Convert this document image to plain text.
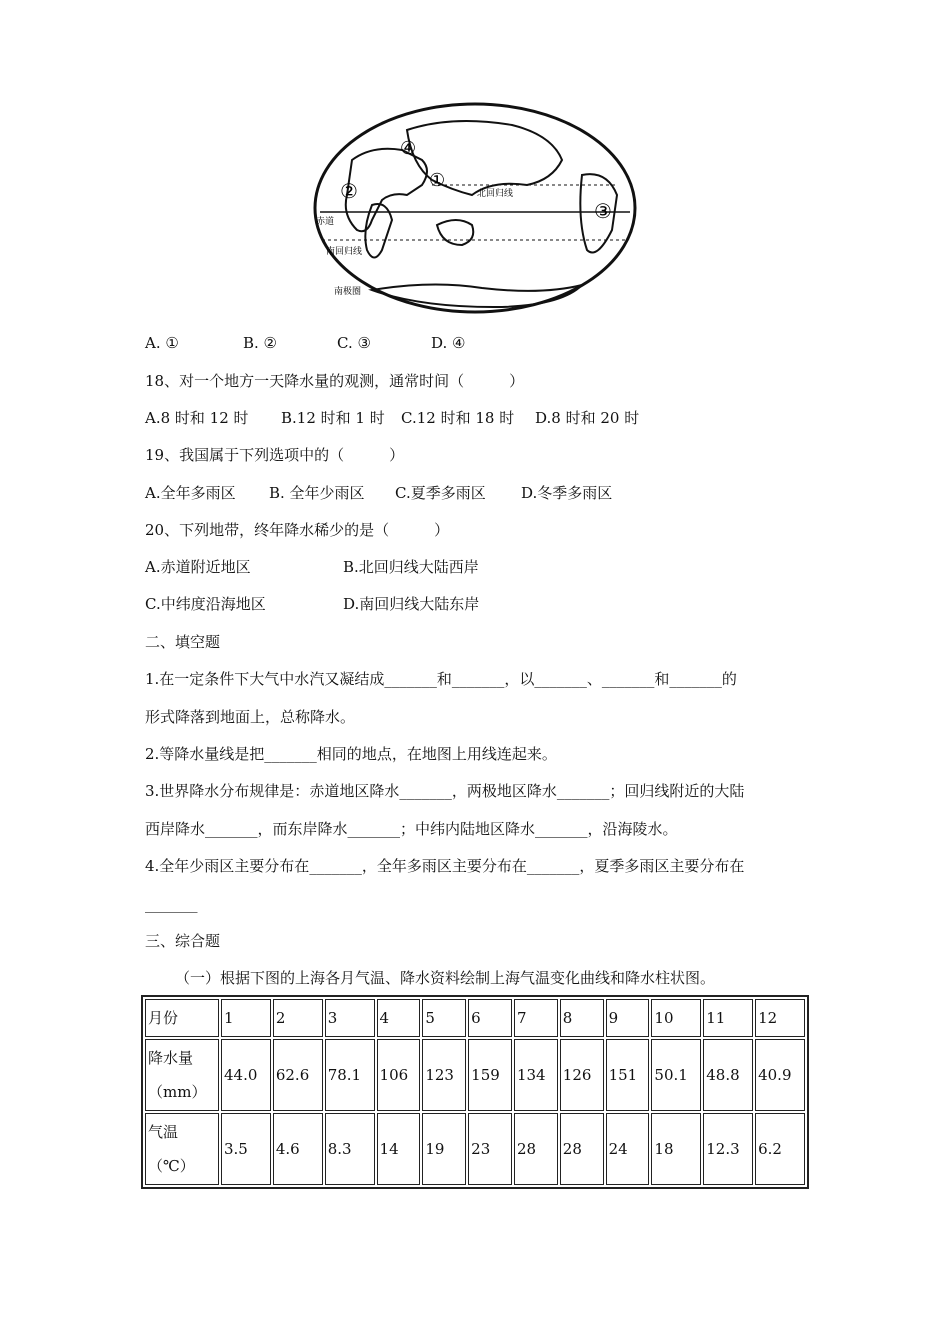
北回归线
赤道
南回归线
南极圈
①
②
③
④
A. ①	B. ②	C. ③	D. ④
18、对一个地方一天降水量的观测，通常时间（　　　）
A.8 时和 12 时 B.12 时和 1 时 C.12 时和 18 时 D.8 时和 20 时
19、我国属于下列选项中的（　　　）
A.全年多雨区 B. 全年少雨区 C.夏季多雨区 D.冬季多雨区
20、下列地带，终年降水稀少的是（　　　）
A.赤道附近地区	B.北回归线大陆西岸
C.中纬度沿海地区	D.南回归线大陆东岸
二、填空题
1.在一定条件下大气中水汽又凝结成_______和_______，以_______、_______和_______的
形式降落到地面上，总称降水。
2.等降水量线是把_______相同的地点，在地图上用线连起来。
3.世界降水分布规律是：赤道地区降水_______，两极地区降水_______；回归线附近的大陆
西岸降水_______，而东岸降水_______；中纬内陆地区降水_______，沿海陵水。
4.全年少雨区主要分布在_______，全年多雨区主要分布在_______，夏季多雨区主要分布在
_______
三、综合题
（一）根据下图的上海各月气温、降水资料绘制上海气温变化曲线和降水柱状图。
月份	1	2	3	4	5	6	7	8	9	10	11	12

降水量
（mm）	44.0	62.6	78.1	106	123	159	134	126	151	50.1	48.8	40.9

气温
（℃）	3.5	4.6	8.3	14	19	23	28	28	24	18	12.3	6.2
